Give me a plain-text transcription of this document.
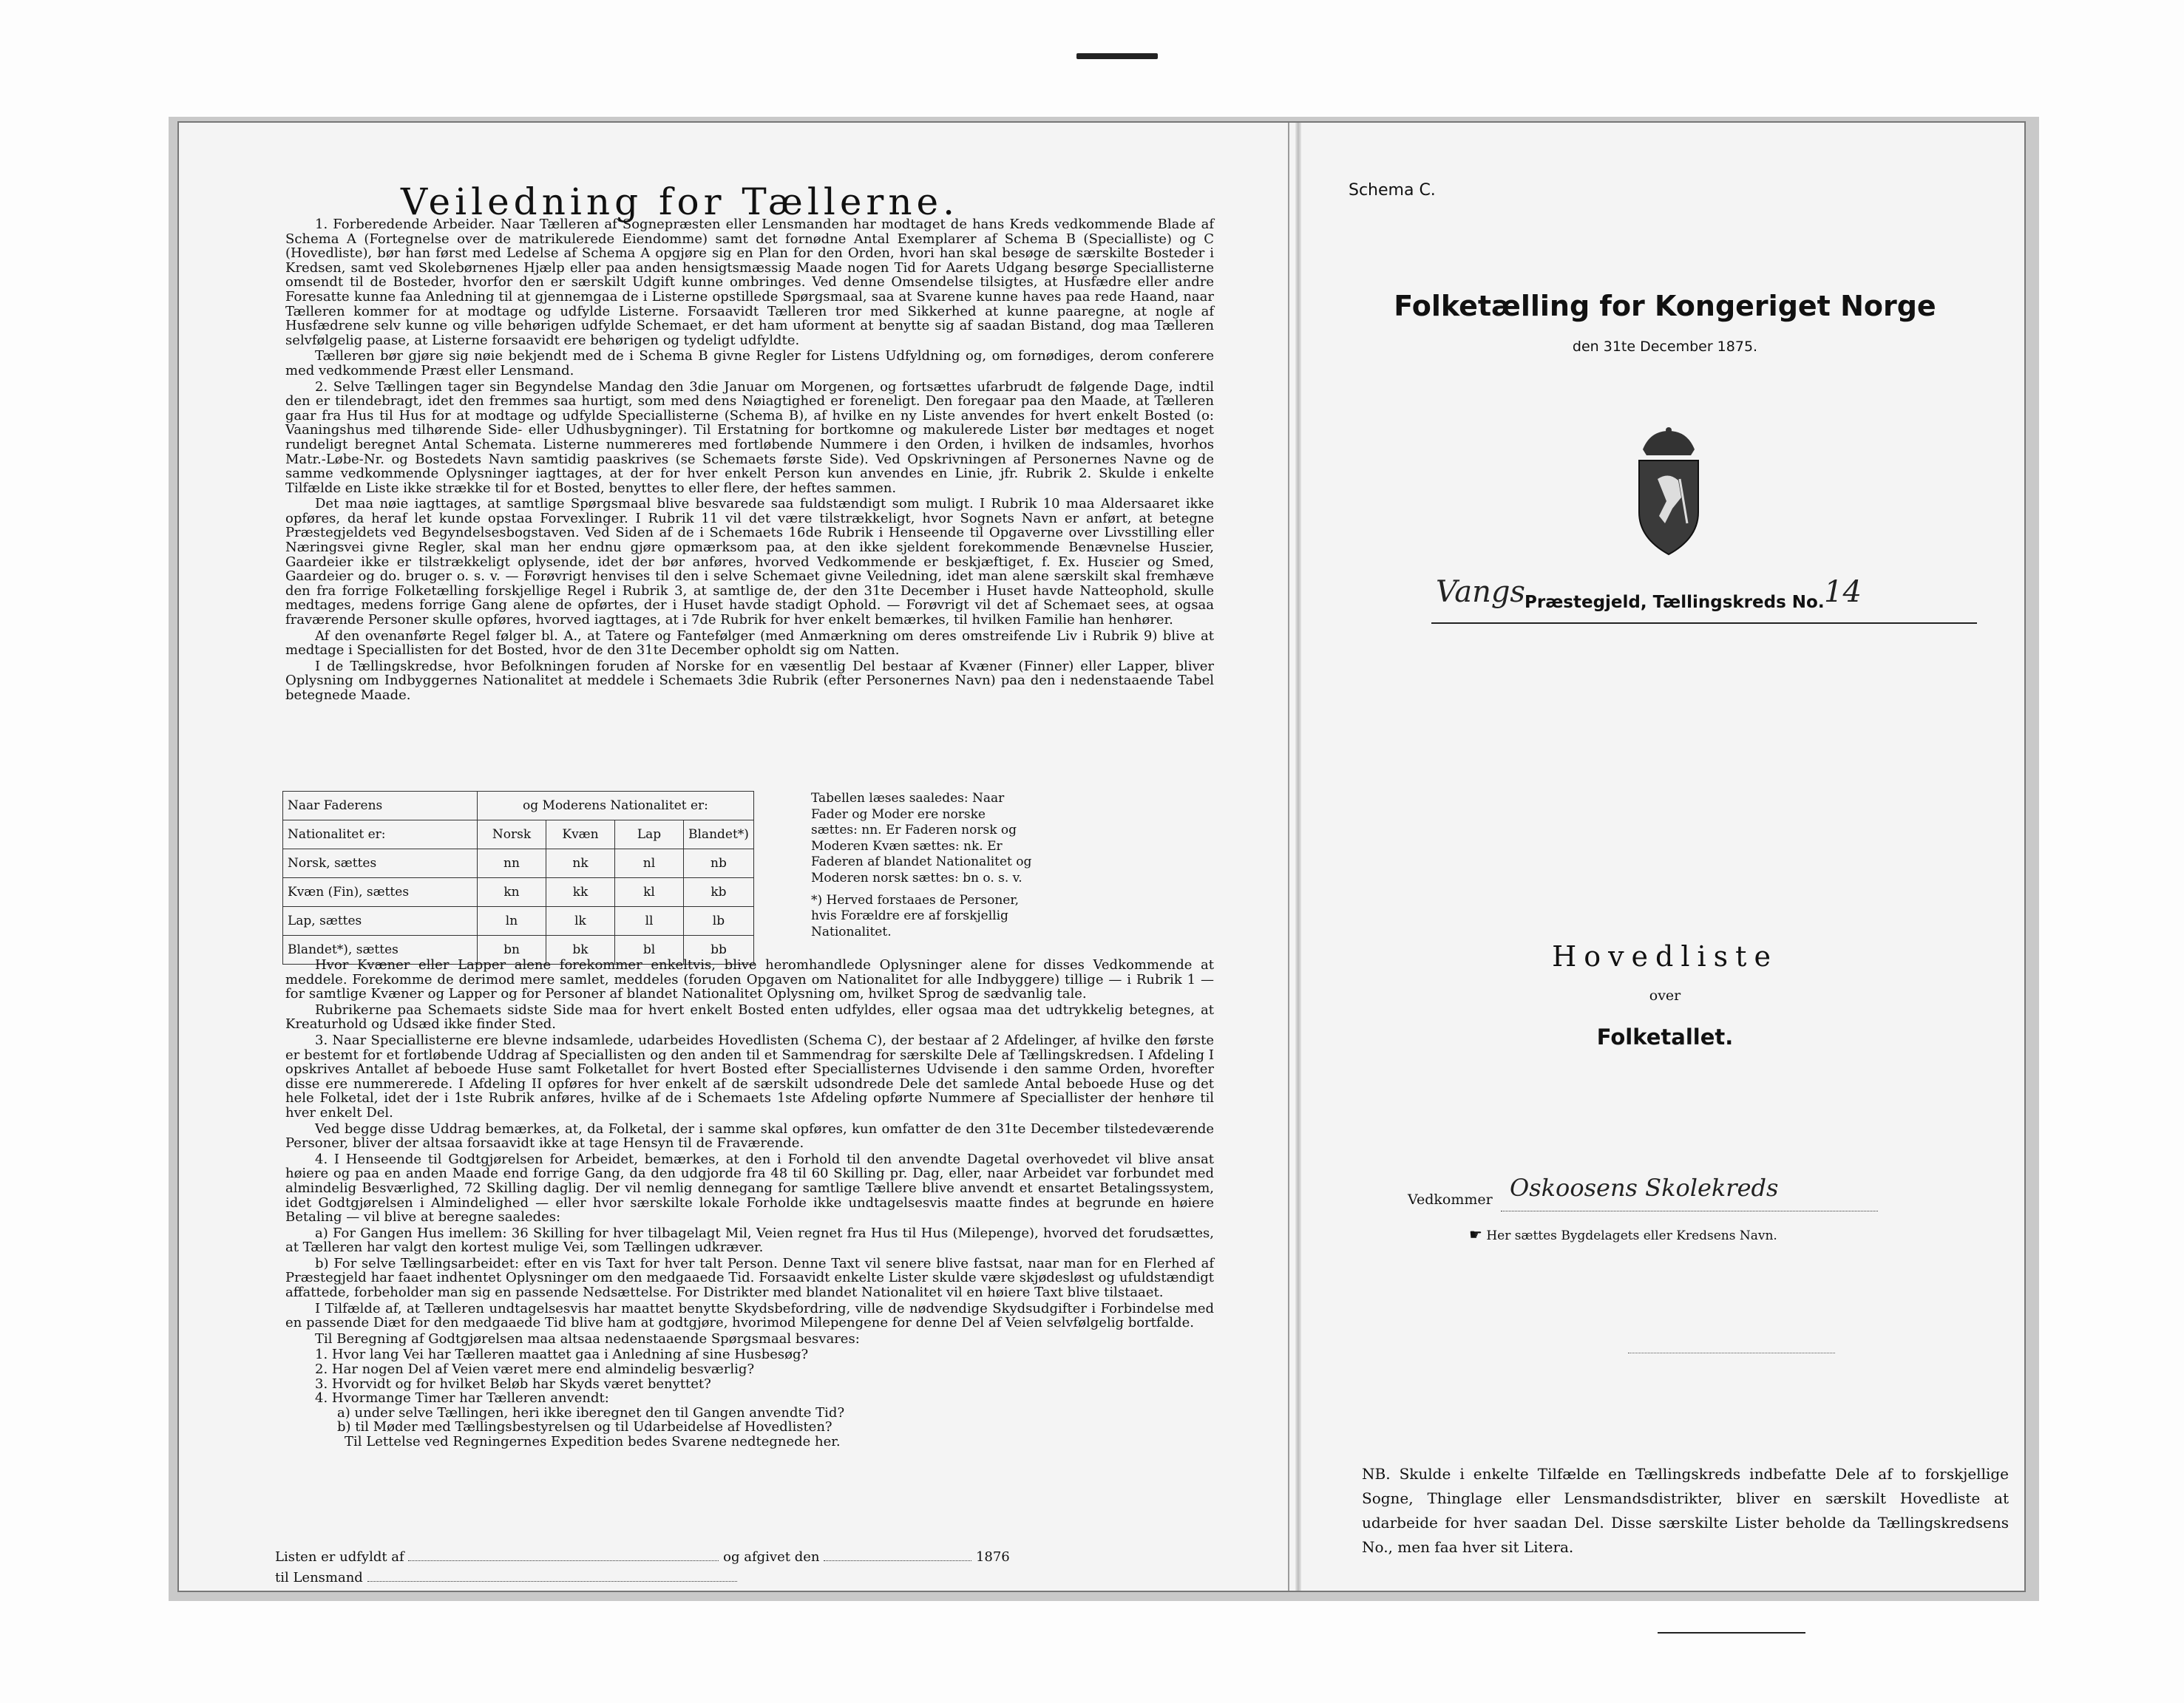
Veiledning for Tællerne.

1. Forberedende Arbeider. Naar Tælleren af Sognepræsten eller Lensmanden har modtaget de hans Kreds vedkommende Blade af Schema A (Fortegnelse over de matrikulerede Eiendomme) samt det fornødne Antal Exemplarer af Schema B (Specialliste) og C (Hovedliste), bør han først med Ledelse af Schema A opgjøre sig en Plan for den Orden, hvori han skal besøge de særskilte Bosteder i Kredsen, samt ved Skolebørnenes Hjælp eller paa anden hensigtsmæssig Maade nogen Tid for Aarets Udgang besørge Speciallisterne omsendt til de Bosteder, hvorfor den er særskilt Udgift kunne ombringes. Ved denne Omsendelse tilsigtes, at Husfædre eller andre Foresatte kunne faa Anledning til at gjennemgaa de i Listerne opstillede Spørgsmaal, saa at Svarene kunne haves paa rede Haand, naar Tælleren kommer for at modtage og udfylde Listerne. Forsaavidt Tælleren tror med Sikkerhed at kunne paaregne, at nogle af Husfædrene selv kunne og ville behørigen udfylde Schemaet, er det ham uforment at benytte sig af saadan Bistand, dog maa Tælleren selvfølgelig paase, at Listerne forsaavidt ere behørigen og tydeligt udfyldte.

Tælleren bør gjøre sig nøie bekjendt med de i Schema B givne Regler for Listens Udfyldning og, om fornødiges, derom conferere med vedkommende Præst eller Lensmand.

2. Selve Tællingen tager sin Begyndelse Mandag den 3die Januar om Morgenen, og fortsættes ufarbrudt de følgende Dage, indtil den er tilendebragt, idet den fremmes saa hurtigt, som med dens Nøiagtighed er foreneligt. Den foregaar paa den Maade, at Tælleren gaar fra Hus til Hus for at modtage og udfylde Speciallisterne (Schema B), af hvilke en ny Liste anvendes for hvert enkelt Bosted (o: Vaaningshus med tilhørende Side- eller Udhusbygninger). Til Erstatning for bortkomne og makulerede Lister bør medtages et noget rundeligt beregnet Antal Schemata. Listerne nummereres med fortløbende Nummere i den Orden, i hvilken de indsamles, hvorhos Matr.-Løbe-Nr. og Bostedets Navn samtidig paaskrives (se Schemaets første Side). Ved Opskrivningen af Personernes Navne og de samme vedkommende Oplysninger iagttages, at der for hver enkelt Person kun anvendes en Linie, jfr. Rubrik 2. Skulde i enkelte Tilfælde en Liste ikke strække til for et Bosted, benyttes to eller flere, der heftes sammen.

Det maa nøie iagttages, at samtlige Spørgsmaal blive besvarede saa fuldstændigt som muligt. I Rubrik 10 maa Aldersaaret ikke opføres, da heraf let kunde opstaa Forvexlinger. I Rubrik 11 vil det være tilstrækkeligt, hvor Sognets Navn er anført, at betegne Præstegjeldets ved Begyndelsesbogstaven. Ved Siden af de i Schemaets 16de Rubrik i Henseende til Opgaverne over Livsstilling eller Næringsvei givne Regler, skal man her endnu gjøre opmærksom paa, at den ikke sjeldent forekommende Benævnelse Husεier, Gaardeier ikke er tilstrækkeligt oplysende, idet der bør anføres, hvorved Vedkommende er beskjæftiget, f. Ex. Husεier og Smed, Gaardeier og do. bruger o. s. v. — Forøvrigt henvises til den i selve Schemaet givne Veiledning, idet man alene særskilt skal fremhæve den fra forrige Folketælling forskjellige Regel i Rubrik 3, at samtlige de, der den 31te December i Huset havde Natteophold, skulle medtages, medens forrige Gang alene de opførtes, der i Huset havde stadigt Ophold. — Forøvrigt vil det af Schemaet sees, at ogsaa fraværende Personer skulle opføres, hvorved iagttages, at i 7de Rubrik for hver enkelt bemærkes, til hvilken Familie han henhører.

Af den ovenanførte Regel følger bl. A., at Tatere og Fantefølger (med Anmærkning om deres omstreifende Liv i Rubrik 9) blive at medtage i Speciallisten for det Bosted, hvor de den 31te December opholdt sig om Natten.

I de Tællingskredse, hvor Befolkningen foruden af Norske for en væsentlig Del bestaar af Kvæner (Finner) eller Lapper, bliver Oplysning om Indbyggernes Nationalitet at meddele i Schemaets 3die Rubrik (efter Personernes Navn) paa den i nedenstaaende Tabel betegnede Maade.

Naar Faderens	og Moderens Nationalitet er:			
Nationalitet er:	Norsk	Kvæn	Lap	Blandet*)
Norsk, sættes	nn	nk	nl	nb
Kvæn (Fin), sættes	kn	kk	kl	kb
Lap, sættes	ln	lk	ll	lb
Blandet*), sættes	bn	bk	bl	bb
Tabellen læses saaledes: Naar Fader og Moder ere norske sættes: nn. Er Faderen norsk og Moderen Kvæn sættes: nk. Er Faderen af blandet Nationalitet og Moderen norsk sættes: bn o. s. v.
*) Herved forstaaes de Personer, hvis Forældre ere af forskjellig Nationalitet.

Hvor Kvæner eller Lapper alene forekommer enkeltvis, blive heromhandlede Oplysninger alene for disses Vedkommende at meddele. Forekomme de derimod mere samlet, meddeles (foruden Opgaven om Nationalitet for alle Indbyggere) tillige — i Rubrik 1 — for samtlige Kvæner og Lapper og for Personer af blandet Nationalitet Oplysning om, hvilket Sprog de sædvanlig tale.

Rubrikerne paa Schemaets sidste Side maa for hvert enkelt Bosted enten udfyldes, eller ogsaa maa det udtrykkelig betegnes, at Kreaturhold og Udsæd ikke finder Sted.

3. Naar Speciallisterne ere blevne indsamlede, udarbeides Hovedlisten (Schema C), der bestaar af 2 Afdelinger, af hvilke den første er bestemt for et fortløbende Uddrag af Speciallisten og den anden til et Sammendrag for særskilte Dele af Tællingskredsen. I Afdeling I opskrives Antallet af beboede Huse samt Folketallet for hvert Bosted efter Speciallisternes Udvisende i den samme Orden, hvorefter disse ere nummererede. I Afdeling II opføres for hver enkelt af de særskilt udsondrede Dele det samlede Antal beboede Huse og det hele Folketal, idet der i 1ste Rubrik anføres, hvilke af de i Schemaets 1ste Afdeling opførte Nummere af Speciallister der henhøre til hver enkelt Del.

Ved begge disse Uddrag bemærkes, at, da Folketal, der i samme skal opføres, kun omfatter de den 31te December tilstedeværende Personer, bliver der altsaa forsaavidt ikke at tage Hensyn til de Fraværende.

4. I Henseende til Godtgjørelsen for Arbeidet, bemærkes, at den i Forhold til den anvendte Dagetal overhovedet vil blive ansat høiere og paa en anden Maade end forrige Gang, da den udgjorde fra 48 til 60 Skilling pr. Dag, eller, naar Arbeidet var forbundet med almindelig Besværlighed, 72 Skilling daglig. Der vil nemlig dennegang for samtlige Tællere blive anvendt et ensartet Betalingssystem, idet Godtgjørelsen i Almindelighed — eller hvor særskilte lokale Forholde ikke undtagelsesvis maatte findes at begrunde en høiere Betaling — vil blive at beregne saaledes:

a) For Gangen Hus imellem: 36 Skilling for hver tilbagelagt Mil, Veien regnet fra Hus til Hus (Milepenge), hvorved det forudsættes, at Tælleren har valgt den kortest mulige Vei, som Tællingen udkræver.

b) For selve Tællingsarbeidet: efter en vis Taxt for hver talt Person. Denne Taxt vil senere blive fastsat, naar man for en Flerhed af Præstegjeld har faaet indhentet Oplysninger om den medgaaede Tid. Forsaavidt enkelte Lister skulde være skjødesløst og ufuldstændigt affattede, forbeholder man sig en passende Nedsættelse. For Distrikter med blandet Nationalitet vil en høiere Taxt blive tilstaaet.

I Tilfælde af, at Tælleren undtagelsesvis har maattet benytte Skydsbefordring, ville de nødvendige Skydsudgifter i Forbindelse med en passende Diæt for den medgaaede Tid blive ham at godtgjøre, hvorimod Milepengene for denne Del af Veien selvfølgelig bortfalde.

Til Beregning af Godtgjørelsen maa altsaa nedenstaaende Spørgsmaal besvares:

1. Hvor lang Vei har Tælleren maattet gaa i Anledning af sine Husbesøg?
2. Har nogen Del af Veien været mere end almindelig besværlig?
3. Hvorvidt og for hvilket Beløb har Skyds været benyttet?
4. Hvormange Timer har Tælleren anvendt:
a) under selve Tællingen, heri ikke iberegnet den til Gangen anvendte Tid?
b) til Møder med Tællingsbestyrelsen og til Udarbeidelse af Hovedlisten?
Til Lettelse ved Regningernes Expedition bedes Svarene nedtegnede her.
Listen er udfyldt af	og afgivet den	1876
til Lensmand
Schema C.
Folketælling for Kongeriget Norge
den 31te December 1875.
Vangs Præstegjeld, Tællingskreds No. 14
Hovedliste
over
Folketallet.
Vedkommer Oskoosens Skolekreds
☛ Her sættes Bygdelagets eller Kredsens Navn.
NB. Skulde i enkelte Tilfælde en Tællingskreds indbefatte Dele af to forskjellige Sogne, Thinglage eller Lensmandsdistrikter, bliver en særskilt Hovedliste at udarbeide for hver saadan Del. Disse særskilte Lister beholde da Tællingskredsens No., men faa hver sit Litera.
